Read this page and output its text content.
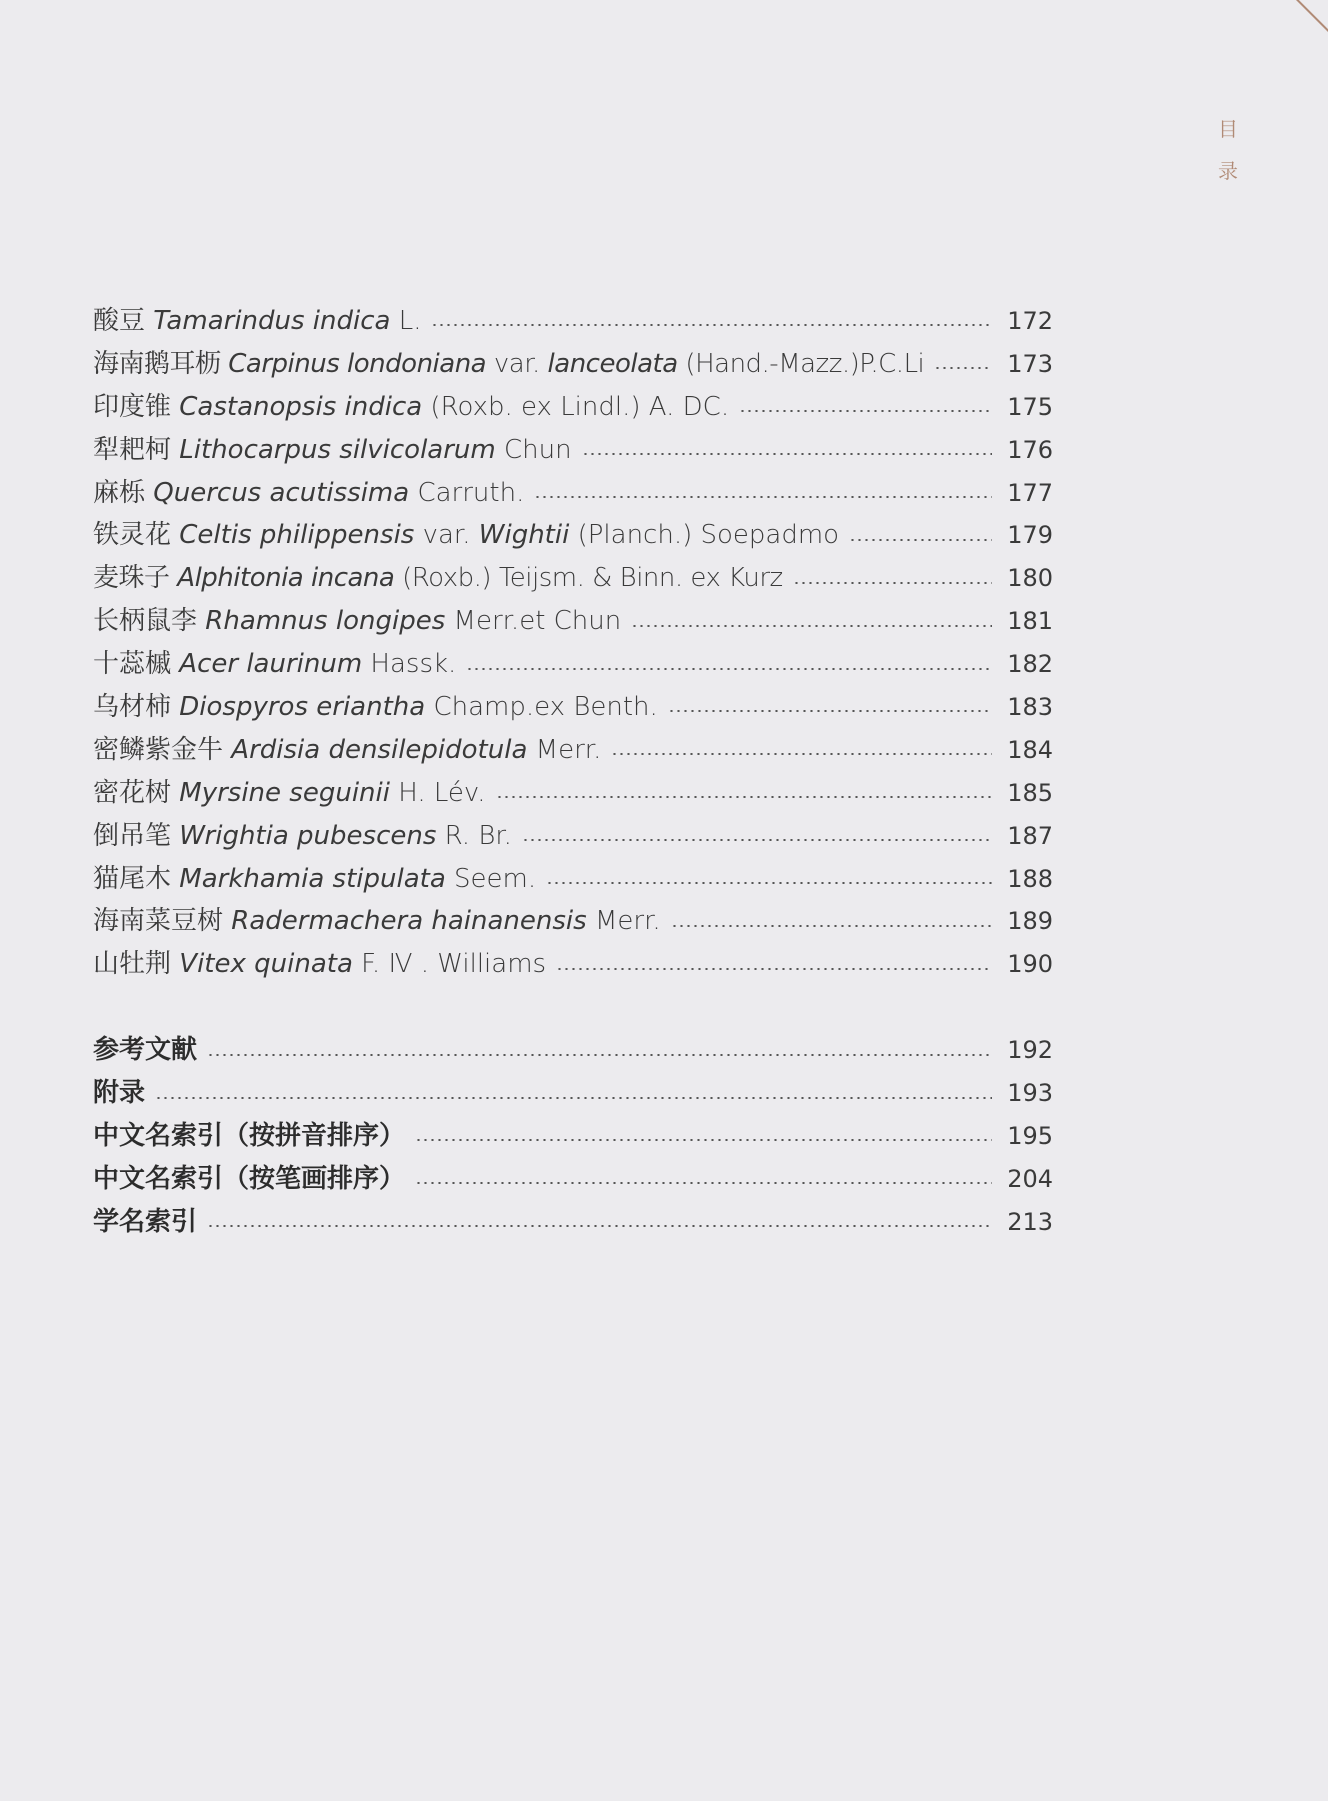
目
录
酸豆 Tamarindus indica L.	172
海南鹅耳枥 Carpinus londoniana var. lanceolata (Hand.-Mazz.)P.C.Li	173
印度锥 Castanopsis indica (Roxb. ex Lindl.) A. DC.	175
犁耙柯 Lithocarpus silvicolarum Chun	176
麻栎 Quercus acutissima Carruth.	177
铁灵花 Celtis philippensis var. Wightii (Planch.) Soepadmo	179
麦珠子 Alphitonia incana (Roxb.) Teijsm. & Binn. ex Kurz	180
长柄鼠李 Rhamnus longipes Merr.et Chun	181
十蕊槭 Acer laurinum Hassk.	182
乌材柿 Diospyros eriantha Champ.ex Benth.	183
密鳞紫金牛 Ardisia densilepidotula Merr.	184
密花树 Myrsine seguinii H. Lév.	185
倒吊笔 Wrightia pubescens R. Br.	187
猫尾木 Markhamia stipulata Seem.	188
海南菜豆树 Radermachera hainanensis Merr.	189
山牡荆 Vitex quinata F. Ⅳ . Williams	190
参考文献	192
附录	193
中文名索引（按拼音排序）	195
中文名索引（按笔画排序）	204
学名索引	213
